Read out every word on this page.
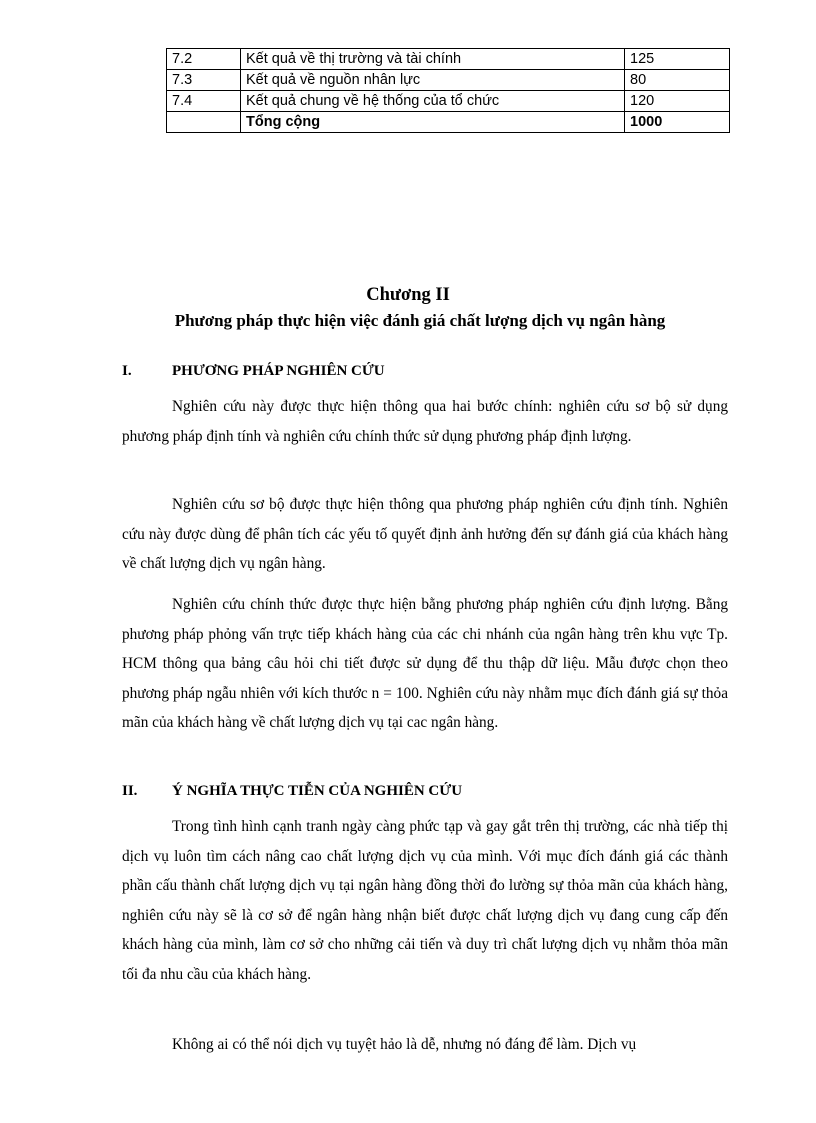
7.2	Kết quả về thị trường và tài chính	125
7.3	Kết quả về nguồn nhân lực	80
7.4	Kết quả chung về hệ thống của tổ chức	120
	Tổng cộng	1000
Chương II
Phương pháp thực hiện việc đánh giá chất lượng dịch vụ ngân hàng
I.	PHƯƠNG PHÁP NGHIÊN CỨU

Nghiên cứu này được thực hiện thông qua hai bước chính: nghiên cứu sơ bộ sử dụng phương pháp định tính và nghiên cứu chính thức sử dụng phương pháp định lượng.

Nghiên cứu sơ bộ được thực hiện thông qua phương pháp nghiên cứu định tính. Nghiên cứu này được dùng để phân tích các yếu tố quyết định ảnh hưởng đến sự đánh giá của khách hàng về chất lượng dịch vụ ngân hàng.

Nghiên cứu chính thức được thực hiện bằng phương pháp nghiên cứu định lượng. Bằng phương pháp phỏng vấn trực tiếp khách hàng của các chi nhánh của ngân hàng trên khu vực Tp. HCM thông qua bảng câu hỏi chi tiết được sử dụng để thu thập dữ liệu. Mẫu được chọn theo phương pháp ngẫu nhiên với kích thước n = 100. Nghiên cứu này nhằm mục đích đánh giá sự thỏa mãn của khách hàng về chất lượng dịch vụ tại cac ngân hàng.

II. Ý NGHĨA THỰC TIỄN CỦA NGHIÊN CỨU

Trong tình hình cạnh tranh ngày càng phức tạp và gay gắt trên thị trường, các nhà tiếp thị dịch vụ luôn tìm cách nâng cao chất lượng dịch vụ của mình. Với mục đích đánh giá các thành phần cấu thành chất lượng dịch vụ tại ngân hàng đồng thời đo lường sự thỏa mãn của khách hàng, nghiên cứu này sẽ là cơ sở để ngân hàng nhận biết được chất lượng dịch vụ đang cung cấp đến khách hàng của mình, làm cơ sở cho những cải tiến và duy trì chất lượng dịch vụ nhằm thỏa mãn tối đa nhu cầu của khách hàng.

Không ai có thể nói dịch vụ tuyệt hảo là dễ, nhưng nó đáng để làm. Dịch vụ
